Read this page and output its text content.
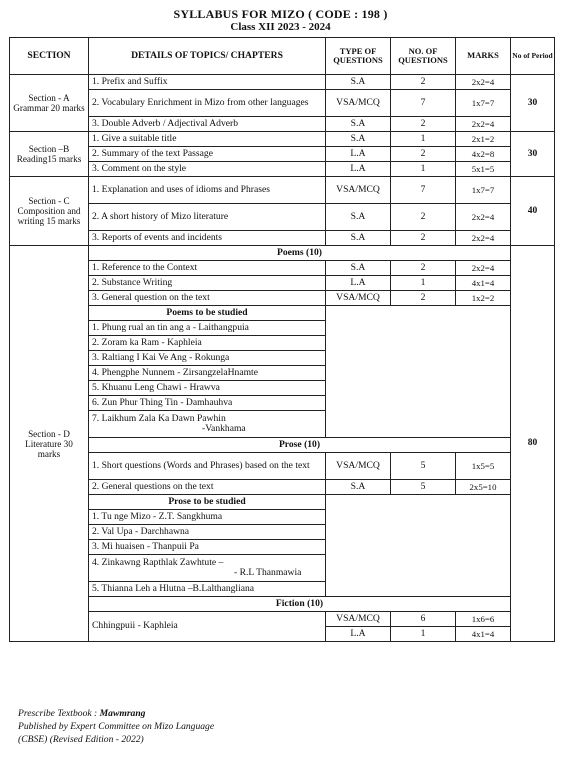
SYLLABUS FOR MIZO ( CODE : 198 )
Class XII 2023 - 2024
SECTION	DETAILS OF TOPICS/ CHAPTERS	TYPE OF QUESTIONS	NO. OF QUESTIONS	MARKS	No of Period
Section - A Grammar 20 marks	1. Prefix and Suffix	S.A	2	2x2=4	30
	2. Vocabulary Enrichment in Mizo from other languages	VSA/MCQ	7	1x7=7	
	3. Double Adverb / Adjectival Adverb	S.A	2	2x2=4	
Section –B Reading15 marks	1. Give a suitable title	S.A	1	2x1=2	30
	2. Summary of the text Passage	L.A	2	4x2=8	
	3. Comment on the style	L.A	1	5x1=5	
Section - C Composition and writing 15 marks	1. Explanation and uses of idioms and Phrases	VSA/MCQ	7	1x7=7	40
	2. A short history of Mizo literature	S.A	2	2x2=4	
	3. Reports of events and incidents	S.A	2	2x2=4	
Section - D Literature 30 marks	Poems (10)				80
	1. Reference to the Context	S.A	2	2x2=4	
	2. Substance Writing	L.A	1	4x1=4	
	3. General question on the text	VSA/MCQ	2	1x2=2	
	Poems to be studied				
	1. Phung rual an tin ang a - Laithangpuia				
	2. Zoram ka Ram - Kaphleia				
	3. Raltiang I Kai Ve Ang - Rokunga				
	4. Phengphe Nunnem - ZirsangzelaHnamte				
	5. Khuanu Leng Chawi - Hrawva				
	6. Zun Phur Thing Tin - Damhauhva				

	7. Laikhum Zala Ka Dawn Pawhin
-Vankhama				

	Prose (10)				
	1. Short questions (Words and Phrases) based on the text	VSA/MCQ	5	1x5=5	
	2. General questions on the text	S.A	5	2x5=10	
	Prose to be studied				
	1. Tu nge Mizo - Z.T. Sangkhuma				
	2. Val Upa - Darchhawna				
	3. Mi huaisen - Thanpuii Pa				

	4. Zinkawng Rapthlak Zawhtute –
- R.L Thanmawia				

	5. Thianna Leh a Hlutna –B.Lalthangliana				
	Fiction (10)				
	Chhingpuii - Kaphleia	VSA/MCQ	6	1x6=6	
		L.A	1	4x1=4	
Prescribe Textbook : Mawmrang
Published by Expert Committee on Mizo Language
(CBSE) (Revised Edition - 2022)
